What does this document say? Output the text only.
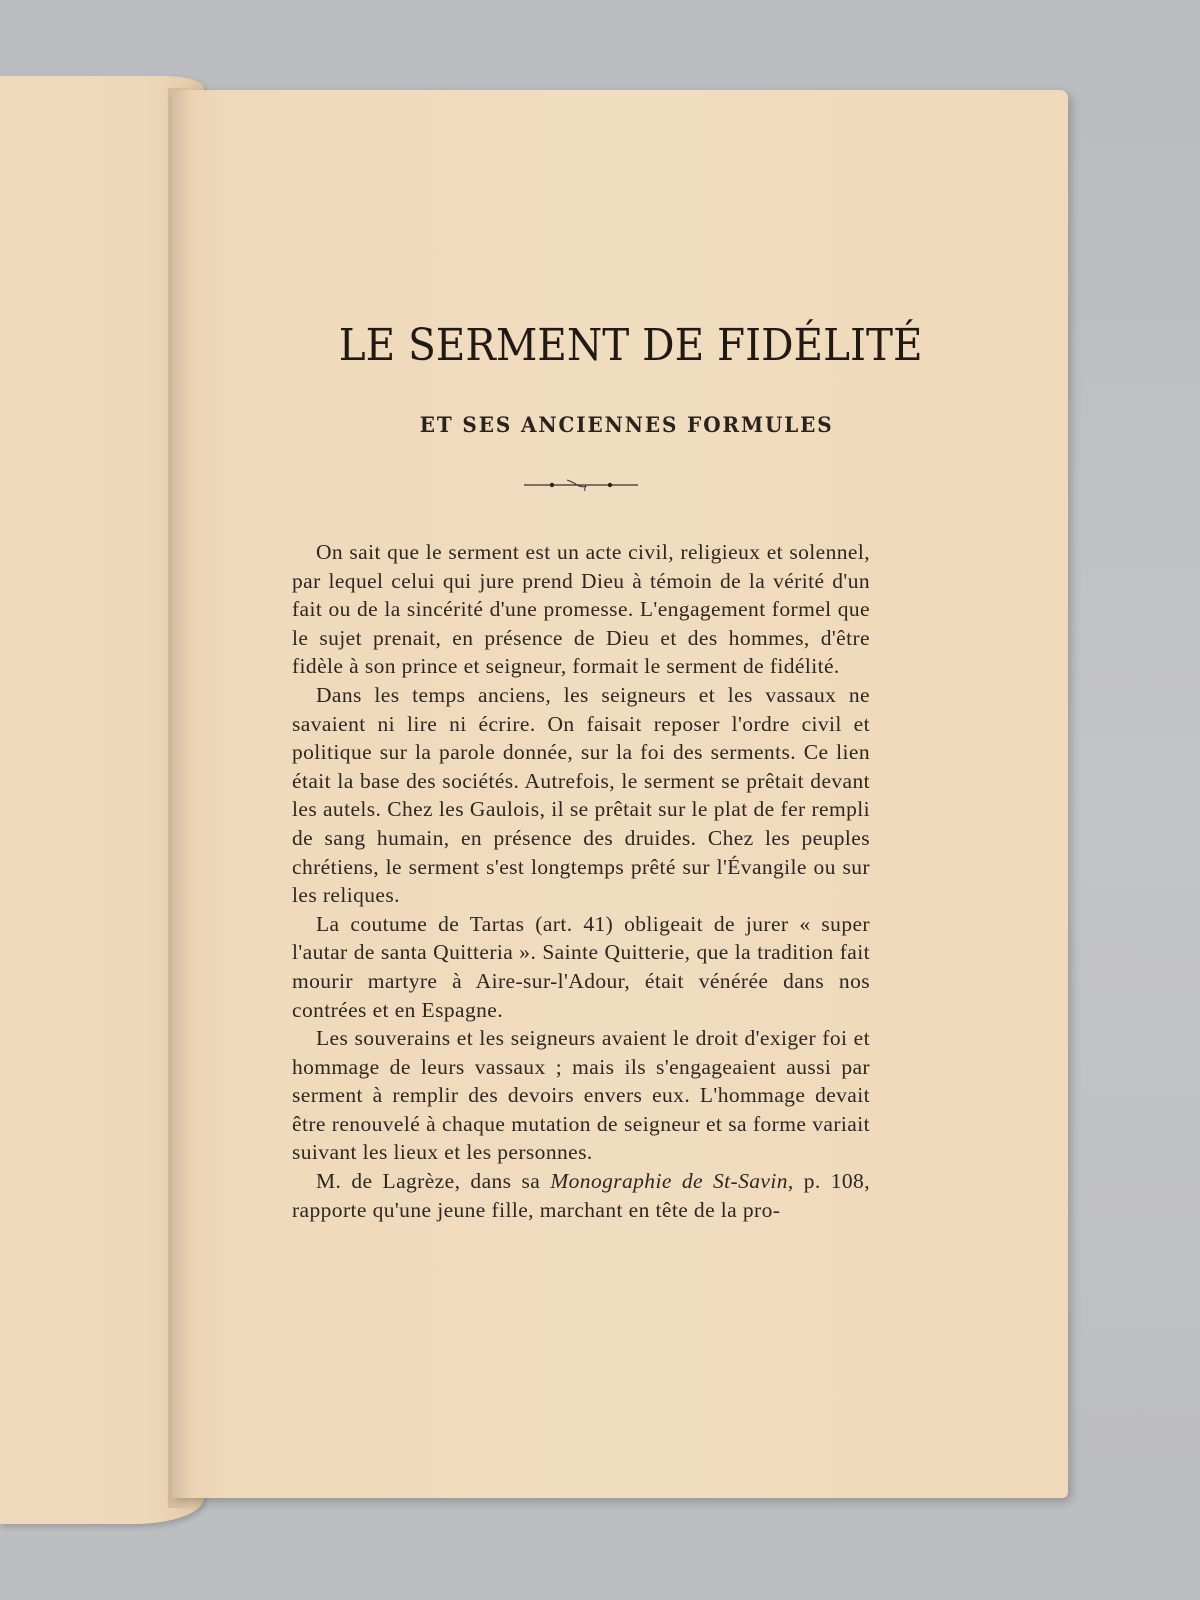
LE SERMENT DE FIDÉLITÉ
ET SES ANCIENNES FORMULES

On sait que le serment est un acte civil, religieux et solennel, par lequel celui qui jure prend Dieu à témoin de la vérité d'un fait ou de la sincérité d'une promesse. L'engagement formel que le sujet prenait, en présence de Dieu et des hommes, d'être fidèle à son prince et seigneur, formait le serment de fidélité.

Dans les temps anciens, les seigneurs et les vassaux ne savaient ni lire ni écrire. On faisait reposer l'ordre civil et politique sur la parole donnée, sur la foi des serments. Ce lien était la base des sociétés. Autrefois, le serment se prêtait devant les autels. Chez les Gaulois, il se prêtait sur le plat de fer rempli de sang humain, en présence des druides. Chez les peuples chrétiens, le serment s'est longtemps prêté sur l'Évangile ou sur les reliques.

La coutume de Tartas (art. 41) obligeait de jurer « super l'autar de santa Quitteria ». Sainte Quitterie, que la tradition fait mourir martyre à Aire-sur-l'Adour, était vénérée dans nos contrées et en Espagne.

Les souverains et les seigneurs avaient le droit d'exiger foi et hommage de leurs vassaux ; mais ils s'engageaient aussi par serment à remplir des devoirs envers eux. L'hommage devait être renouvelé à chaque mutation de seigneur et sa forme variait suivant les lieux et les personnes.

M. de Lagrèze, dans sa Monographie de St-Savin, p. 108, rapporte qu'une jeune fille, marchant en tête de la pro-
